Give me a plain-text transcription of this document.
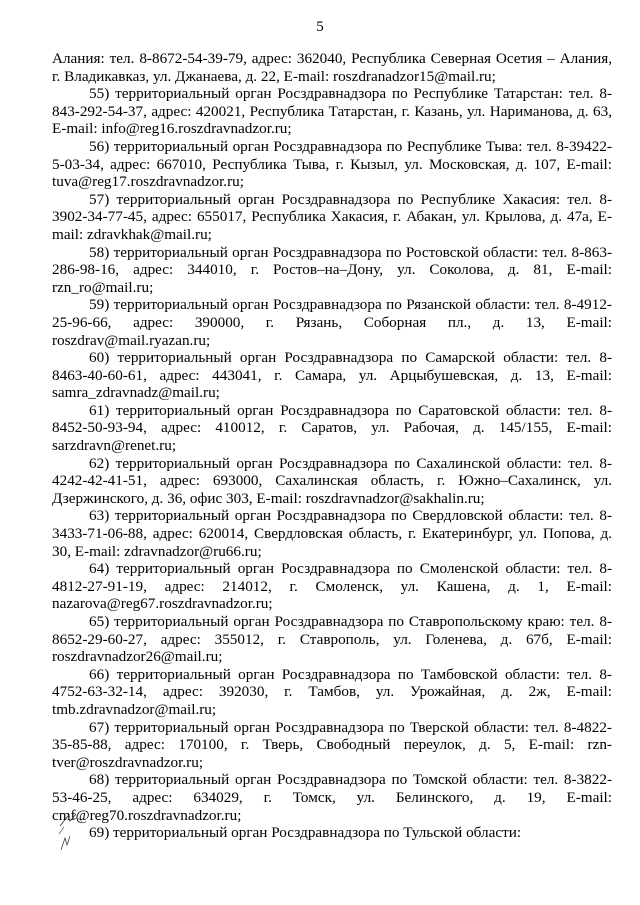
5

Алания: тел. 8-8672-54-39-79, адрес: 362040, Республика Северная Осетия – Алания, г. Владикавказ, ул. Джанаева, д. 22, E-mail: roszdranadzor15@mail.ru;

55) территориальный орган Росздравнадзора по Республике Татарстан: тел. 8-843-292-54-37, адрес: 420021, Республика Татарстан, г. Казань, ул. Нариманова, д. 63, E-mail: info@reg16.roszdravnadzor.ru;

56) территориальный орган Росздравнадзора по Республике Тыва: тел. 8-39422-5-03-34, адрес: 667010, Республика Тыва, г. Кызыл, ул. Московская, д. 107, E-mail: tuva@reg17.roszdravnadzor.ru;

57) территориальный орган Росздравнадзора по Республике Хакасия: тел. 8-3902-34-77-45, адрес: 655017, Республика Хакасия, г. Абакан, ул. Крылова, д. 47а, E-mail: zdravkhak@mail.ru;

58) территориальный орган Росздравнадзора по Ростовской области: тел. 8-863-286-98-16, адрес: 344010, г. Ростов–на–Дону, ул. Соколова, д. 81, E-mail: rzn_ro@mail.ru;

59) территориальный орган Росздравнадзора по Рязанской области: тел. 8-4912-25-96-66, адрес: 390000, г. Рязань, Соборная пл., д. 13, E-mail: roszdrav@mail.ryazan.ru;

60) территориальный орган Росздравнадзора по Самарской области: тел. 8-8463-40-60-61, адрес: 443041, г. Самара, ул. Арцыбушевская, д. 13, E-mail: samra_zdravnadz@mail.ru;

61) территориальный орган Росздравнадзора по Саратовской области: тел. 8-8452-50-93-94, адрес: 410012, г. Саратов, ул. Рабочая, д. 145/155, E-mail: sarzdravn@renet.ru;

62) территориальный орган Росздравнадзора по Сахалинской области: тел. 8-4242-42-41-51, адрес: 693000, Сахалинская область, г. Южно–Сахалинск, ул. Дзержинского, д. 36, офис 303, E-mail: roszdravnadzor@sakhalin.ru;

63) территориальный орган Росздравнадзора по Свердловской области: тел. 8-3433-71-06-88, адрес: 620014, Свердловская область, г. Екатеринбург, ул. Попова, д. 30, E-mail: zdravnadzor@ru66.ru;

64) территориальный орган Росздравнадзора по Смоленской области: тел. 8-4812-27-91-19, адрес: 214012, г. Смоленск, ул. Кашена, д. 1, E-mail: nazarova@reg67.roszdravnadzor.ru;

65) территориальный орган Росздравнадзора по Ставропольскому краю: тел. 8-8652-29-60-27, адрес: 355012, г. Ставрополь, ул. Голенева, д. 67б, E-mail: roszdravnadzor26@mail.ru;

66) территориальный орган Росздравнадзора по Тамбовской области: тел. 8-4752-63-32-14, адрес: 392030, г. Тамбов, ул. Урожайная, д. 2ж, E-mail: tmb.zdravnadzor@mail.ru;

67) территориальный орган Росздравнадзора по Тверской области: тел. 8-4822-35-85-88, адрес: 170100, г. Тверь, Свободный переулок, д. 5, E-mail: rzn-tver@roszdravnadzor.ru;

68) территориальный орган Росздравнадзора по Томской области: тел. 8-3822-53-46-25, адрес: 634029, г. Томск, ул. Белинского, д. 19, E-mail: cmf@reg70.roszdravnadzor.ru;

69) территориальный орган Росздравнадзора по Тульской области:
